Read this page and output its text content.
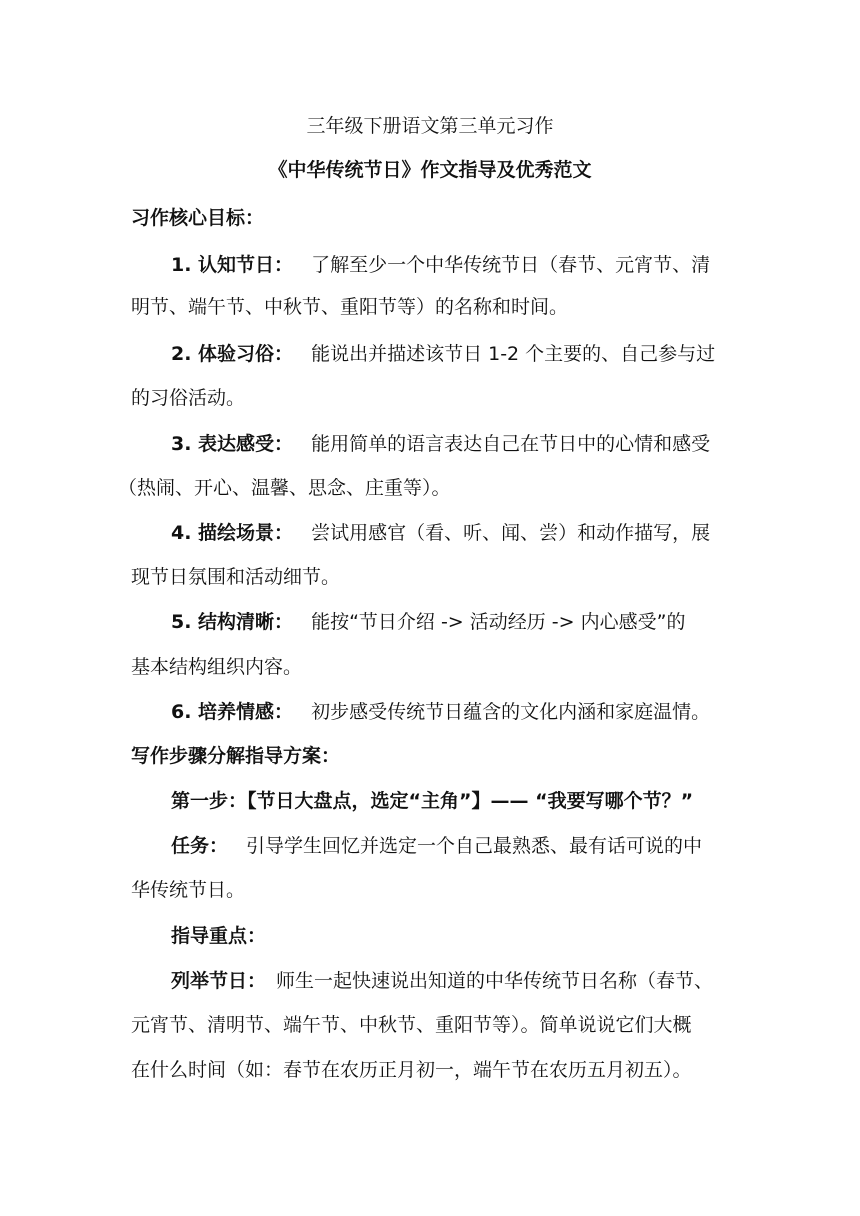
三年级下册语文第三单元习作
《中华传统节日》作文指导及优秀范文
习作核心目标：
1. 认知节日： 了解至少一个中华传统节日（春节、元宵节、清
明节、端午节、中秋节、重阳节等）的名称和时间。
2. 体验习俗： 能说出并描述该节日 1-2 个主要的、自己参与过
的习俗活动。
3. 表达感受： 能用简单的语言表达自己在节日中的心情和感受
（热闹、开心、温馨、思念、庄重等）。
4. 描绘场景： 尝试用感官（看、听、闻、尝）和动作描写，展
现节日氛围和活动细节。
5. 结构清晰： 能按“节日介绍 -> 活动经历 -> 内心感受”的
基本结构组织内容。
6. 培养情感： 初步感受传统节日蕴含的文化内涵和家庭温情。
写作步骤分解指导方案：
第一步：【节日大盘点，选定“主角”】—— “我要写哪个节？”
任务： 引导学生回忆并选定一个自己最熟悉、最有话可说的中
华传统节日。
指导重点：
列举节日： 师生一起快速说出知道的中华传统节日名称（春节、
元宵节、清明节、端午节、中秋节、重阳节等）。简单说说它们大概
在什么时间（如：春节在农历正月初一，端午节在农历五月初五）。
